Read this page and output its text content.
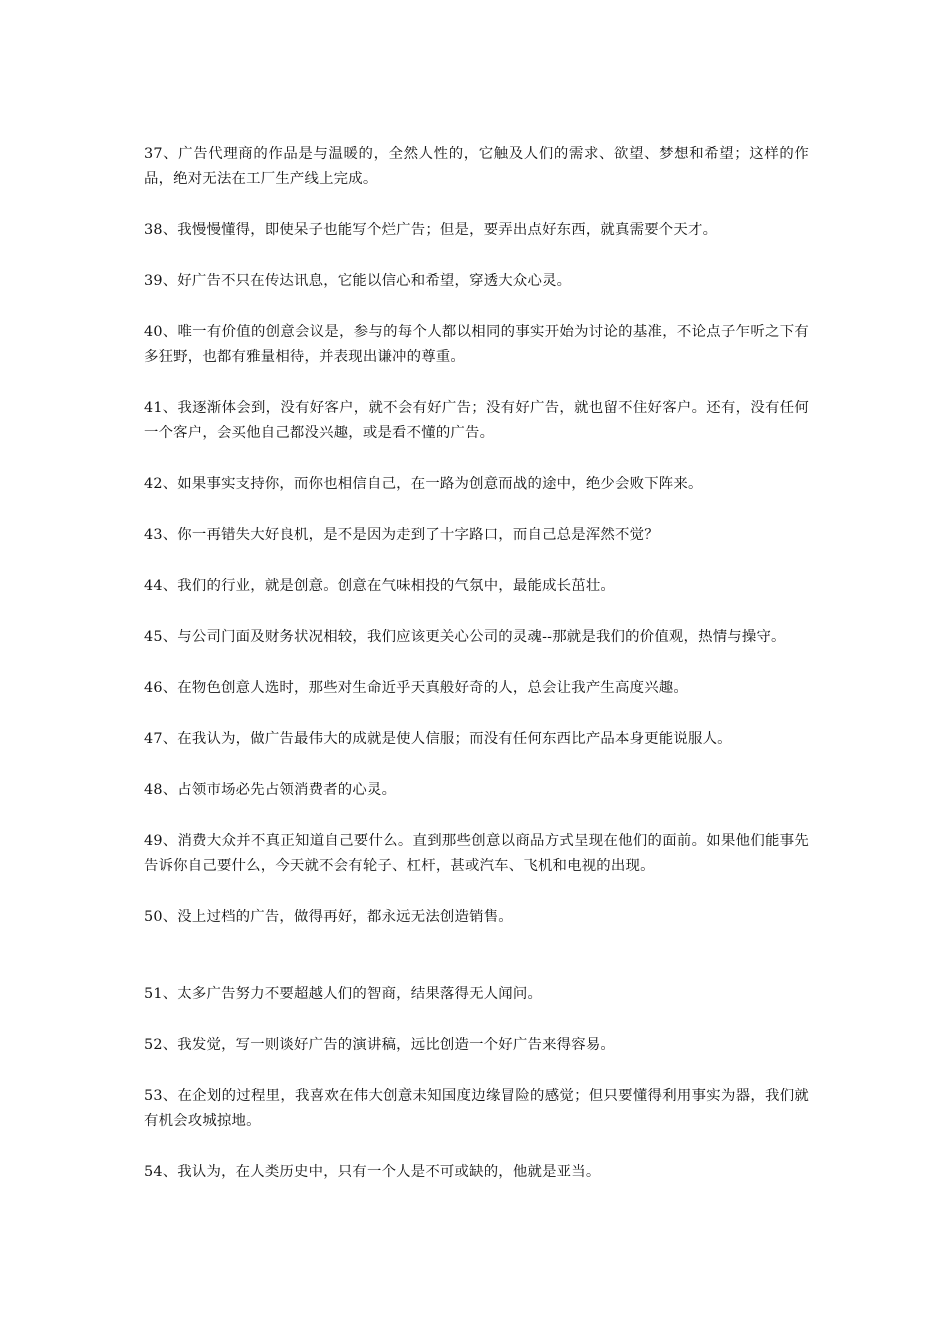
37、广告代理商的作品是与温暖的，全然人性的，它触及人们的需求、欲望、梦想和希望；这样的作品，绝对无法在工厂生产线上完成。

38、我慢慢懂得，即使呆子也能写个烂广告；但是，要弄出点好东西，就真需要个天才。

39、好广告不只在传达讯息，它能以信心和希望，穿透大众心灵。

40、唯一有价值的创意会议是，参与的每个人都以相同的事实开始为讨论的基准，不论点子乍听之下有多狂野，也都有雅量相待，并表现出谦冲的尊重。

41、我逐渐体会到，没有好客户，就不会有好广告；没有好广告，就也留不住好客户。还有，没有任何一个客户，会买他自己都没兴趣，或是看不懂的广告。

42、如果事实支持你，而你也相信自己，在一路为创意而战的途中，绝少会败下阵来。

43、你一再错失大好良机，是不是因为走到了十字路口，而自己总是浑然不觉？

44、我们的行业，就是创意。创意在气味相投的气氛中，最能成长茁壮。

45、与公司门面及财务状况相较，我们应该更关心公司的灵魂--那就是我们的价值观，热情与操守。

46、在物色创意人选时，那些对生命近乎天真般好奇的人，总会让我产生高度兴趣。

47、在我认为，做广告最伟大的成就是使人信服；而没有任何东西比产品本身更能说服人。

48、占领市场必先占领消费者的心灵。

49、消费大众并不真正知道自己要什么。直到那些创意以商品方式呈现在他们的面前。如果他们能事先告诉你自己要什么，今天就不会有轮子、杠杆，甚或汽车、飞机和电视的出现。

50、没上过档的广告，做得再好，都永远无法创造销售。

51、太多广告努力不要超越人们的智商，结果落得无人闻问。

52、我发觉，写一则谈好广告的演讲稿，远比创造一个好广告来得容易。

53、在企划的过程里，我喜欢在伟大创意未知国度边缘冒险的感觉；但只要懂得利用事实为器，我们就有机会攻城掠地。

54、我认为，在人类历史中，只有一个人是不可或缺的，他就是亚当。
